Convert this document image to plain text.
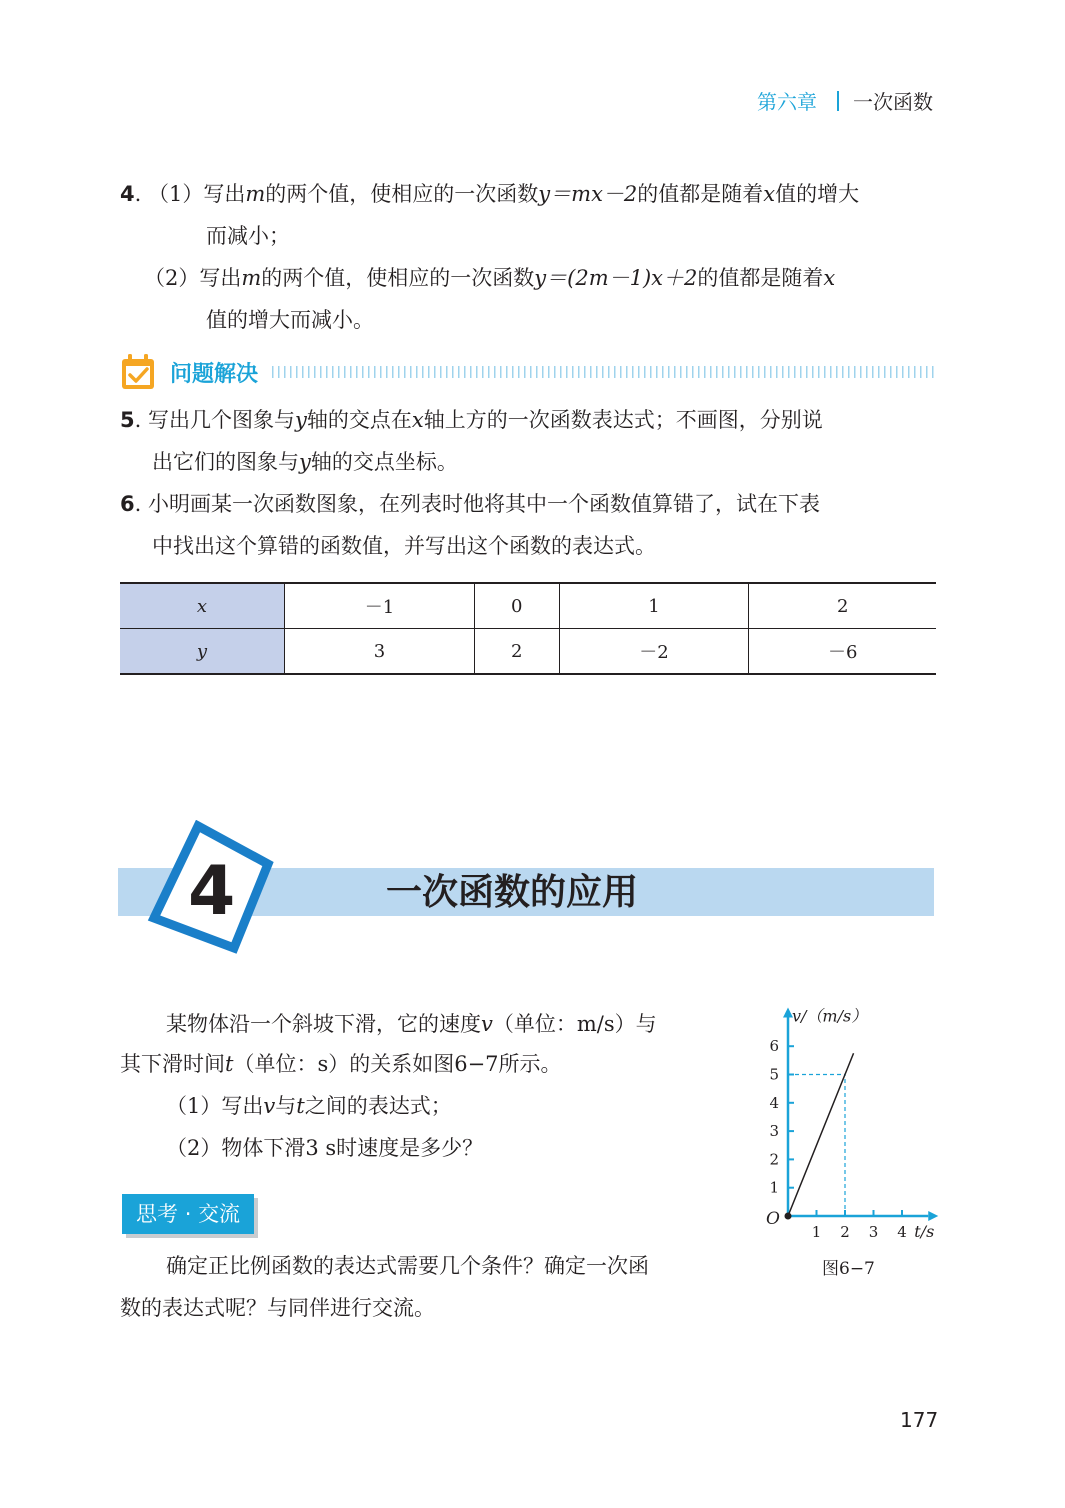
第六章 一次函数
4. （1）写出m的两个值，使相应的一次函数y＝mx－2的值都是随着x值的增大
而减小；
（2）写出m的两个值，使相应的一次函数y＝(2m－1)x＋2的值都是随着x
值的增大而减小。
问题解决
5. 写出几个图象与y轴的交点在x轴上方的一次函数表达式；不画图，分别说
出它们的图象与y轴的交点坐标。
6. 小明画某一次函数图象，在列表时他将其中一个函数值算错了，试在下表
中找出这个算错的函数值，并写出这个函数的表达式。
x	－1	0	1	2
y	3	2	－2	－6
4	一次函数的应用
某物体沿一个斜坡下滑，它的速度v（单位：m/s）与
其下滑时间t（单位：s）的关系如图6−7所示。
（1）写出v与t之间的表达式；
（2）物体下滑3 s时速度是多少？
思考 · 交流
确定正比例函数的表达式需要几个条件？确定一次函
数的表达式呢？与同伴进行交流。
1 2 3 4
1
2
3
4
5
6
v/（m/s）
t/s
O
图6−7
177
